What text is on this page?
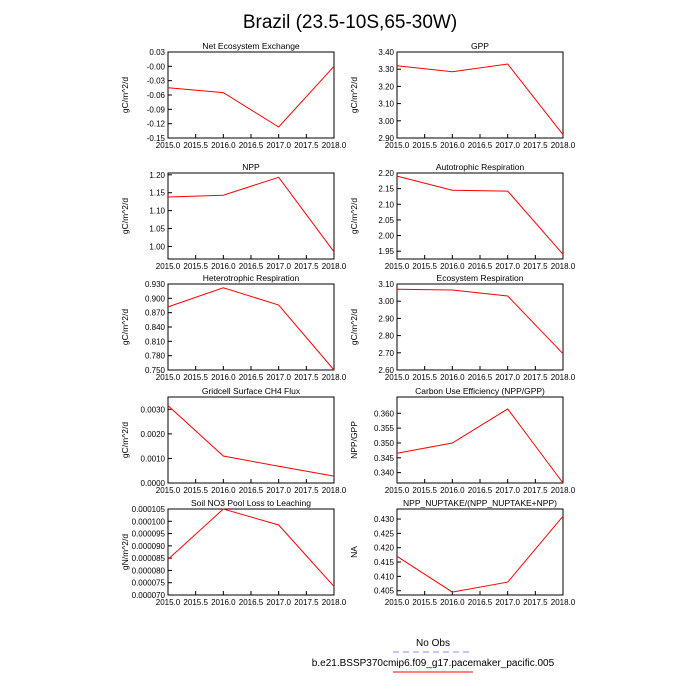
Brazil (23.5-10S,65-30W)
Net Ecosystem Exchange
gC/m^2/d
2015.0 2015.5 2016.0 2016.5 2017.0 2017.5 2018.0
-0.15
-0.12
-0.09
-0.06
-0.03
-0.00
0.03
GPP
gC/m^2/d
2015.0 2015.5 2016.0 2016.5 2017.0 2017.5 2018.0
2.90
3.00
3.10
3.20
3.30
3.40
NPP
gC/m^2/d
2015.0 2015.5 2016.0 2016.5 2017.0 2017.5 2018.0
1.00
1.05
1.10
1.15
1.20
Autotrophic Respiration
gC/m^2/d
2015.0 2015.5 2016.0 2016.5 2017.0 2017.5 2018.0
1.95
2.00
2.05
2.10
2.15
2.20
Heterotrophic Respiration
gC/m^2/d
2015.0 2015.5 2016.0 2016.5 2017.0 2017.5 2018.0
0.750
0.780
0.810
0.840
0.870
0.900
0.930
Ecosystem Respiration
gC/m^2/d
2015.0 2015.5 2016.0 2016.5 2017.0 2017.5 2018.0
2.60
2.70
2.80
2.90
3.00
3.10
Gridcell Surface CH4 Flux
gC/m^2/d
2015.0 2015.5 2016.0 2016.5 2017.0 2017.5 2018.0
0.0000
0.0010
0.0020
0.0030
Carbon Use Efficiency (NPP/GPP)
NPP/GPP
2015.0 2015.5 2016.0 2016.5 2017.0 2017.5 2018.0
0.340
0.345
0.350
0.355
0.360
Soil NO3 Pool Loss to Leaching
gN/m^2/d
2015.0 2015.5 2016.0 2016.5 2017.0 2017.5 2018.0
0.000070
0.000075
0.000080
0.000085
0.000090
0.000095
0.000100
0.000105
NPP_NUPTAKE/(NPP_NUPTAKE+NPP)
NA
2015.0 2015.5 2016.0 2016.5 2017.0 2017.5 2018.0
0.405
0.410
0.415
0.420
0.425
0.430
No Obs
b.e21.BSSP370cmip6.f09_g17.pacemaker_pacific.005
